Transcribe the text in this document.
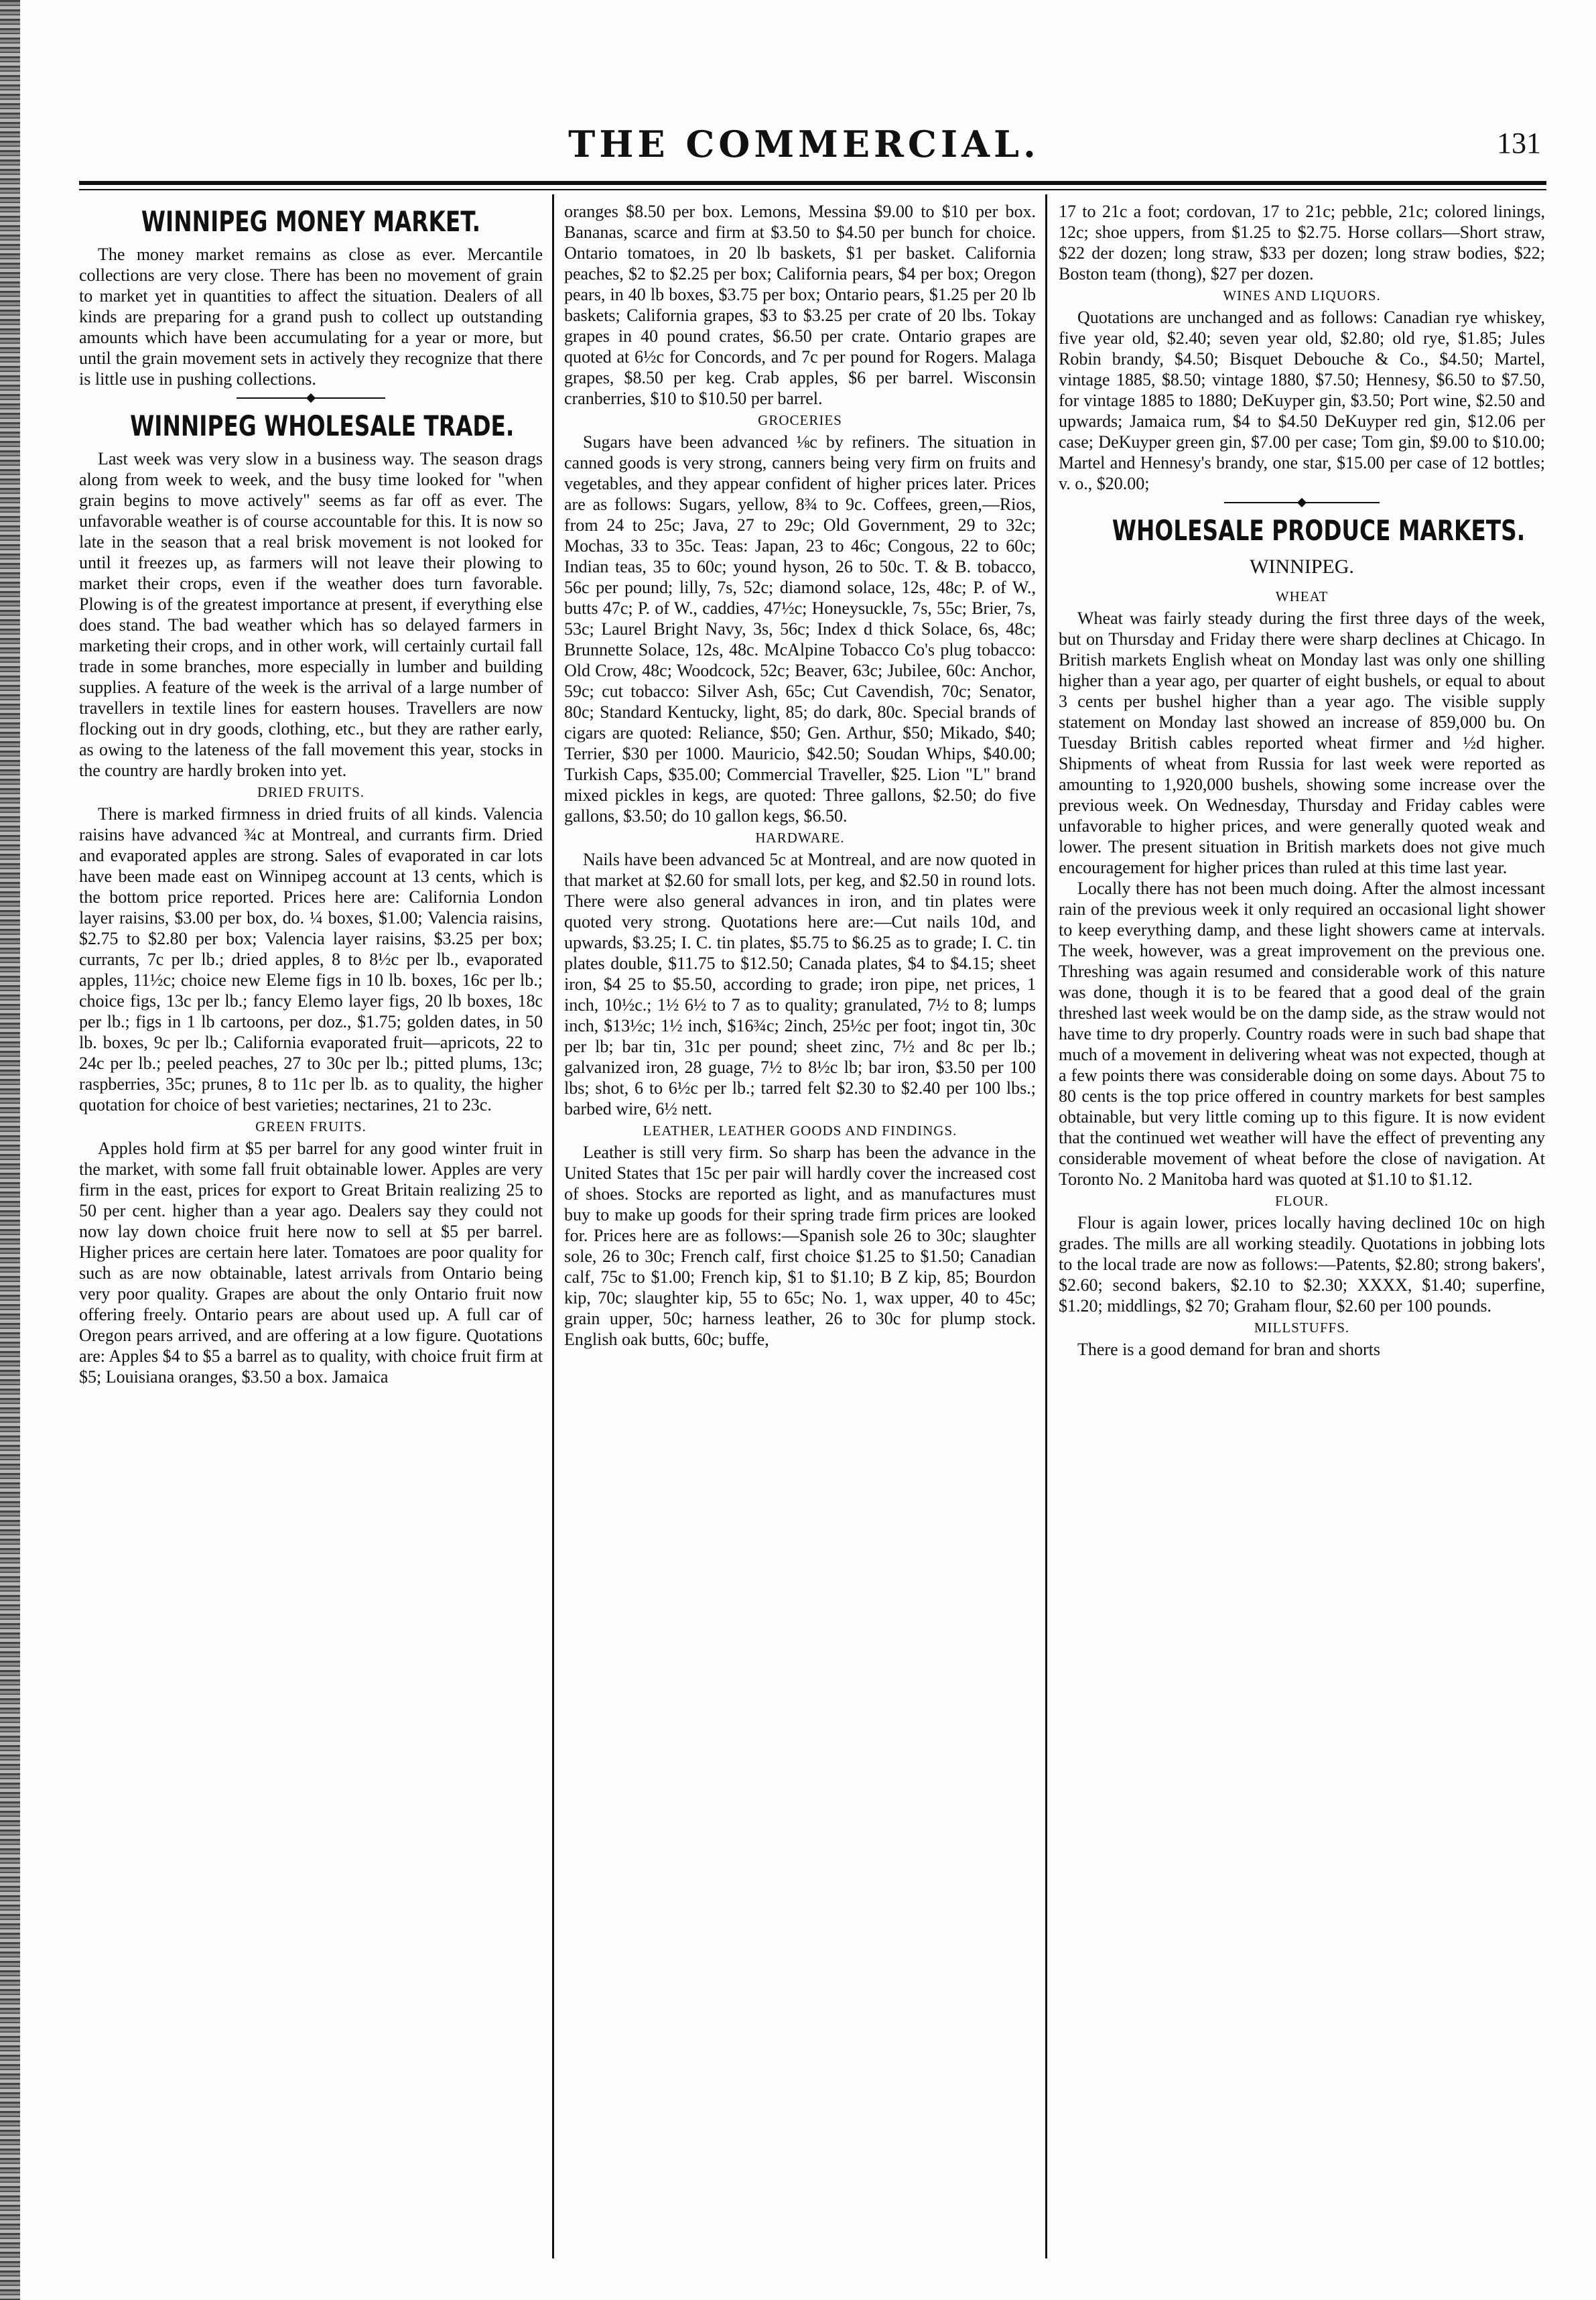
THE COMMERCIAL.	131
WINNIPEG MONEY MARKET.

The money market remains as close as ever. Mercantile collections are very close. There has been no movement of grain to market yet in quantities to affect the situation. Dealers of all kinds are preparing for a grand push to collect up outstanding amounts which have been accumulating for a year or more, but until the grain movement sets in actively they recognize that there is little use in pushing collections.

WINNIPEG WHOLESALE TRADE.

Last week was very slow in a business way. The season drags along from week to week, and the busy time looked for "when grain begins to move actively" seems as far off as ever. The unfavorable weather is of course accountable for this. It is now so late in the season that a real brisk movement is not looked for until it freezes up, as farmers will not leave their plowing to market their crops, even if the weather does turn favorable. Plowing is of the greatest importance at present, if everything else does stand. The bad weather which has so delayed farmers in marketing their crops, and in other work, will certainly curtail fall trade in some branches, more especially in lumber and building supplies. A feature of the week is the arrival of a large number of travellers in textile lines for eastern houses. Travellers are now flocking out in dry goods, clothing, etc., but they are rather early, as owing to the lateness of the fall movement this year, stocks in the country are hardly broken into yet.

DRIED FRUITS.

There is marked firmness in dried fruits of all kinds. Valencia raisins have advanced ¾c at Montreal, and currants firm. Dried and evaporated apples are strong. Sales of evaporated in car lots have been made east on Winnipeg account at 13 cents, which is the bottom price reported. Prices here are: California London layer raisins, $3.00 per box, do. ¼ boxes, $1.00; Valencia raisins, $2.75 to $2.80 per box; Valencia layer raisins, $3.25 per box; currants, 7c per lb.; dried apples, 8 to 8½c per lb., evaporated apples, 11½c; choice new Eleme figs in 10 lb. boxes, 16c per lb.; choice figs, 13c per lb.; fancy Elemo layer figs, 20 lb boxes, 18c per lb.; figs in 1 lb cartoons, per doz., $1.75; golden dates, in 50 lb. boxes, 9c per lb.; California evaporated fruit—apricots, 22 to 24c per lb.; peeled peaches, 27 to 30c per lb.; pitted plums, 13c; raspberries, 35c; prunes, 8 to 11c per lb. as to quality, the higher quotation for choice of best varieties; nectarines, 21 to 23c.

GREEN FRUITS.

Apples hold firm at $5 per barrel for any good winter fruit in the market, with some fall fruit obtainable lower. Apples are very firm in the east, prices for export to Great Britain realizing 25 to 50 per cent. higher than a year ago. Dealers say they could not now lay down choice fruit here now to sell at $5 per barrel. Higher prices are certain here later. Tomatoes are poor quality for such as are now obtainable, latest arrivals from Ontario being very poor quality. Grapes are about the only Ontario fruit now offering freely. Ontario pears are about used up. A full car of Oregon pears arrived, and are offering at a low figure. Quotations are: Apples $4 to $5 a barrel as to quality, with choice fruit firm at $5; Louisiana oranges, $3.50 a box. Jamaica

oranges $8.50 per box. Lemons, Messina $9.00 to $10 per box. Bananas, scarce and firm at $3.50 to $4.50 per bunch for choice. Ontario tomatoes, in 20 lb baskets, $1 per basket. California peaches, $2 to $2.25 per box; California pears, $4 per box; Oregon pears, in 40 lb boxes, $3.75 per box; Ontario pears, $1.25 per 20 lb baskets; California grapes, $3 to $3.25 per crate of 20 lbs. Tokay grapes in 40 pound crates, $6.50 per crate. Ontario grapes are quoted at 6½c for Concords, and 7c per pound for Rogers. Malaga grapes, $8.50 per keg. Crab apples, $6 per barrel. Wisconsin cranberries, $10 to $10.50 per barrel.

GROCERIES

Sugars have been advanced ⅛c by refiners. The situation in canned goods is very strong, canners being very firm on fruits and vegetables, and they appear confident of higher prices later. Prices are as follows: Sugars, yellow, 8¾ to 9c. Coffees, green,—Rios, from 24 to 25c; Java, 27 to 29c; Old Government, 29 to 32c; Mochas, 33 to 35c. Teas: Japan, 23 to 46c; Congous, 22 to 60c; Indian teas, 35 to 60c; yound hyson, 26 to 50c. T. & B. tobacco, 56c per pound; lilly, 7s, 52c; diamond solace, 12s, 48c; P. of W., butts 47c; P. of W., caddies, 47½c; Honeysuckle, 7s, 55c; Brier, 7s, 53c; Laurel Bright Navy, 3s, 56c; Index d thick Solace, 6s, 48c; Brunnette Solace, 12s, 48c. McAlpine Tobacco Co's plug tobacco: Old Crow, 48c; Woodcock, 52c; Beaver, 63c; Jubilee, 60c: Anchor, 59c; cut tobacco: Silver Ash, 65c; Cut Cavendish, 70c; Senator, 80c; Standard Kentucky, light, 85; do dark, 80c. Special brands of cigars are quoted: Reliance, $50; Gen. Arthur, $50; Mikado, $40; Terrier, $30 per 1000. Mauricio, $42.50; Soudan Whips, $40.00; Turkish Caps, $35.00; Commercial Traveller, $25. Lion "L" brand mixed pickles in kegs, are quoted: Three gallons, $2.50; do five gallons, $3.50; do 10 gallon kegs, $6.50.

HARDWARE.

Nails have been advanced 5c at Montreal, and are now quoted in that market at $2.60 for small lots, per keg, and $2.50 in round lots. There were also general advances in iron, and tin plates were quoted very strong. Quotations here are:—Cut nails 10d, and upwards, $3.25; I. C. tin plates, $5.75 to $6.25 as to grade; I. C. tin plates double, $11.75 to $12.50; Canada plates, $4 to $4.15; sheet iron, $4 25 to $5.50, according to grade; iron pipe, net prices, 1 inch, 10½c.; 1½ 6½ to 7 as to quality; granulated, 7½ to 8; lumps inch, $13½c; 1½ inch, $16¾c; 2inch, 25½c per foot; ingot tin, 30c per lb; bar tin, 31c per pound; sheet zinc, 7½ and 8c per lb.; galvanized iron, 28 guage, 7½ to 8½c lb; bar iron, $3.50 per 100 lbs; shot, 6 to 6½c per lb.; tarred felt $2.30 to $2.40 per 100 lbs.; barbed wire, 6½ nett.

LEATHER, LEATHER GOODS AND FINDINGS.

Leather is still very firm. So sharp has been the advance in the United States that 15c per pair will hardly cover the increased cost of shoes. Stocks are reported as light, and as manufactures must buy to make up goods for their spring trade firm prices are looked for. Prices here are as follows:—Spanish sole 26 to 30c; slaughter sole, 26 to 30c; French calf, first choice $1.25 to $1.50; Canadian calf, 75c to $1.00; French kip, $1 to $1.10; B Z kip, 85; Bourdon kip, 70c; slaughter kip, 55 to 65c; No. 1, wax upper, 40 to 45c; grain upper, 50c; harness leather, 26 to 30c for plump stock. English oak butts, 60c; buffe,

17 to 21c a foot; cordovan, 17 to 21c; pebble, 21c; colored linings, 12c; shoe uppers, from $1.25 to $2.75. Horse collars—Short straw, $22 der dozen; long straw, $33 per dozen; long straw bodies, $22; Boston team (thong), $27 per dozen.

WINES AND LIQUORS.

Quotations are unchanged and as follows: Canadian rye whiskey, five year old, $2.40; seven year old, $2.80; old rye, $1.85; Jules Robin brandy, $4.50; Bisquet Debouche & Co., $4.50; Martel, vintage 1885, $8.50; vintage 1880, $7.50; Hennesy, $6.50 to $7.50, for vintage 1885 to 1880; DeKuyper gin, $3.50; Port wine, $2.50 and upwards; Jamaica rum, $4 to $4.50 DeKuyper red gin, $12.06 per case; DeKuyper green gin, $7.00 per case; Tom gin, $9.00 to $10.00; Martel and Hennesy's brandy, one star, $15.00 per case of 12 bottles; v. o., $20.00;

WHOLESALE PRODUCE MARKETS.
WINNIPEG.
WHEAT

Wheat was fairly steady during the first three days of the week, but on Thursday and Friday there were sharp declines at Chicago. In British markets English wheat on Monday last was only one shilling higher than a year ago, per quarter of eight bushels, or equal to about 3 cents per bushel higher than a year ago. The visible supply statement on Monday last showed an increase of 859,000 bu. On Tuesday British cables reported wheat firmer and ½d higher. Shipments of wheat from Russia for last week were reported as amounting to 1,920,000 bushels, showing some increase over the previous week. On Wednesday, Thursday and Friday cables were unfavorable to higher prices, and were generally quoted weak and lower. The present situation in British markets does not give much encouragement for higher prices than ruled at this time last year.

Locally there has not been much doing. After the almost incessant rain of the previous week it only required an occasional light shower to keep everything damp, and these light showers came at intervals. The week, however, was a great improvement on the previous one. Threshing was again resumed and considerable work of this nature was done, though it is to be feared that a good deal of the grain threshed last week would be on the damp side, as the straw would not have time to dry properly. Country roads were in such bad shape that much of a movement in delivering wheat was not expected, though at a few points there was considerable doing on some days. About 75 to 80 cents is the top price offered in country markets for best samples obtainable, but very little coming up to this figure. It is now evident that the continued wet weather will have the effect of preventing any considerable movement of wheat before the close of navigation. At Toronto No. 2 Manitoba hard was quoted at $1.10 to $1.12.

FLOUR.

Flour is again lower, prices locally having declined 10c on high grades. The mills are all working steadily. Quotations in jobbing lots to the local trade are now as follows:—Patents, $2.80; strong bakers', $2.60; second bakers, $2.10 to $2.30; XXXX, $1.40; superfine, $1.20; middlings, $2 70; Graham flour, $2.60 per 100 pounds.

MILLSTUFFS.

There is a good demand for bran and shorts
